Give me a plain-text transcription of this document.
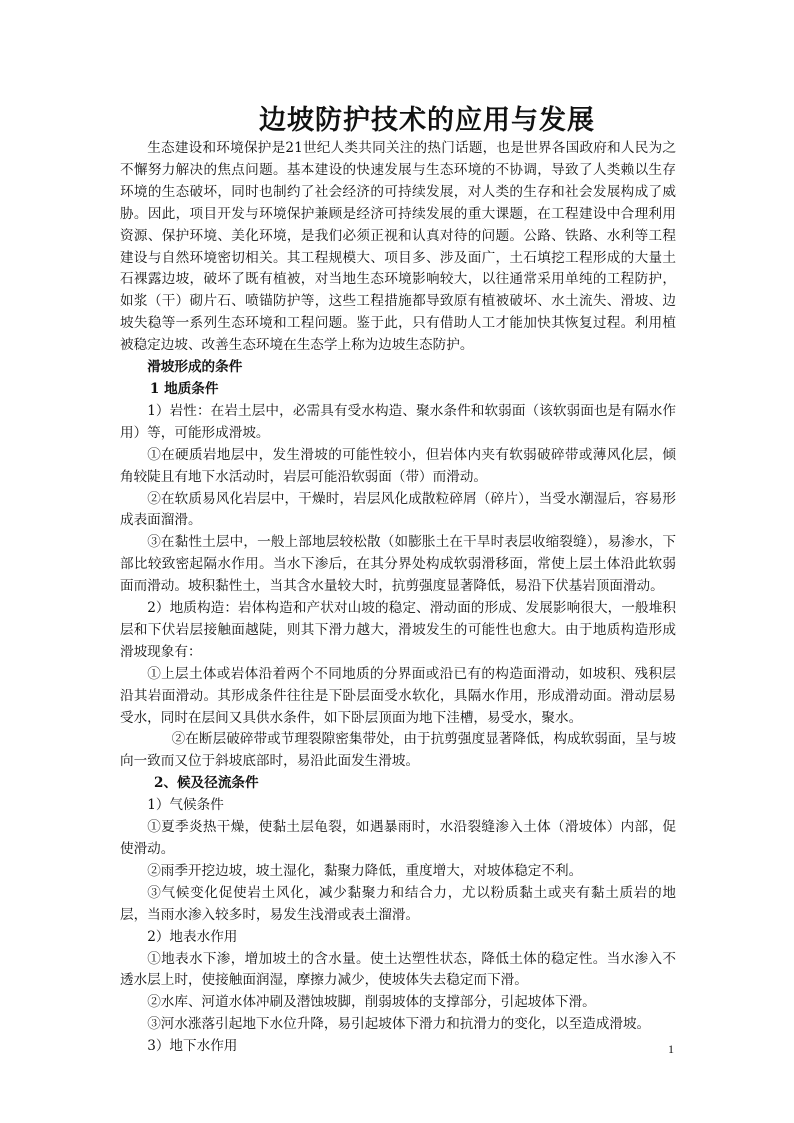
边坡防护技术的应用与发展

生态建设和环境保护是21世纪人类共同关注的热门话题，也是世界各国政府和人民为之不懈努力解决的焦点问题。基本建设的快速发展与生态环境的不协调，导致了人类赖以生存环境的生态破坏，同时也制约了社会经济的可持续发展，对人类的生存和社会发展构成了威胁。因此，项目开发与环境保护兼顾是经济可持续发展的重大课题，在工程建设中合理利用资源、保护环境、美化环境，是我们必须正视和认真对待的问题。公路、铁路、水利等工程建设与自然环境密切相关。其工程规模大、项目多、涉及面广，土石填挖工程形成的大量土石裸露边坡，破坏了既有植被，对当地生态环境影响较大，以往通常采用单纯的工程防护，如浆（干）砌片石、喷锚防护等，这些工程措施都导致原有植被破坏、水土流失、滑坡、边坡失稳等一系列生态环境和工程问题。鉴于此，只有借助人工才能加快其恢复过程。利用植被稳定边坡、改善生态环境在生态学上称为边坡生态防护。

滑坡形成的条件
1 地质条件

1）岩性：在岩土层中，必需具有受水构造、聚水条件和软弱面（该软弱面也是有隔水作用）等，可能形成滑坡。

①在硬质岩地层中，发生滑坡的可能性较小，但岩体内夹有软弱破碎带或薄风化层，倾角较陡且有地下水活动时，岩层可能沿软弱面（带）而滑动。

②在软质易风化岩层中，干燥时，岩层风化成散粒碎屑（碎片），当受水潮湿后，容易形成表面溜滑。

③在黏性土层中，一般上部地层较松散（如膨胀土在干旱时表层收缩裂缝），易渗水，下部比较致密起隔水作用。当水下渗后，在其分界处构成软弱滑移面，常使上层土体沿此软弱面而滑动。坡积黏性土，当其含水量较大时，抗剪强度显著降低，易沿下伏基岩顶面滑动。

2）地质构造：岩体构造和产状对山坡的稳定、滑动面的形成、发展影响很大，一般堆积层和下伏岩层接触面越陡，则其下滑力越大，滑坡发生的可能性也愈大。由于地质构造形成滑坡现象有：

①上层土体或岩体沿着两个不同地质的分界面或沿已有的构造面滑动，如坡积、残积层沿其岩面滑动。其形成条件往往是下卧层面受水软化，具隔水作用，形成滑动面。滑动层易受水，同时在层间又具供水条件，如下卧层顶面为地下洼槽，易受水，聚水。

②在断层破碎带或节理裂隙密集带处，由于抗剪强度显著降低，构成软弱面，呈与坡向一致而又位于斜坡底部时，易沿此面发生滑坡。

2、候及径流条件

1）气候条件

①夏季炎热干燥，使黏土层龟裂，如遇暴雨时，水沿裂缝渗入土体（滑坡体）内部，促使滑动。

②雨季开挖边坡，坡土湿化，黏聚力降低，重度增大，对坡体稳定不利。

③气候变化促使岩土风化，减少黏聚力和结合力，尤以粉质黏土或夹有黏土质岩的地层，当雨水渗入较多时，易发生浅滑或表土溜滑。

2）地表水作用

①地表水下渗，增加坡土的含水量。使土达塑性状态，降低土体的稳定性。当水渗入不透水层上时，使接触面润湿，摩擦力减少，使坡体失去稳定而下滑。

②水库、河道水体冲刷及潜蚀坡脚，削弱坡体的支撑部分，引起坡体下滑。

③河水涨落引起地下水位升降，易引起坡体下滑力和抗滑力的变化，以至造成滑坡。

3）地下水作用	1
